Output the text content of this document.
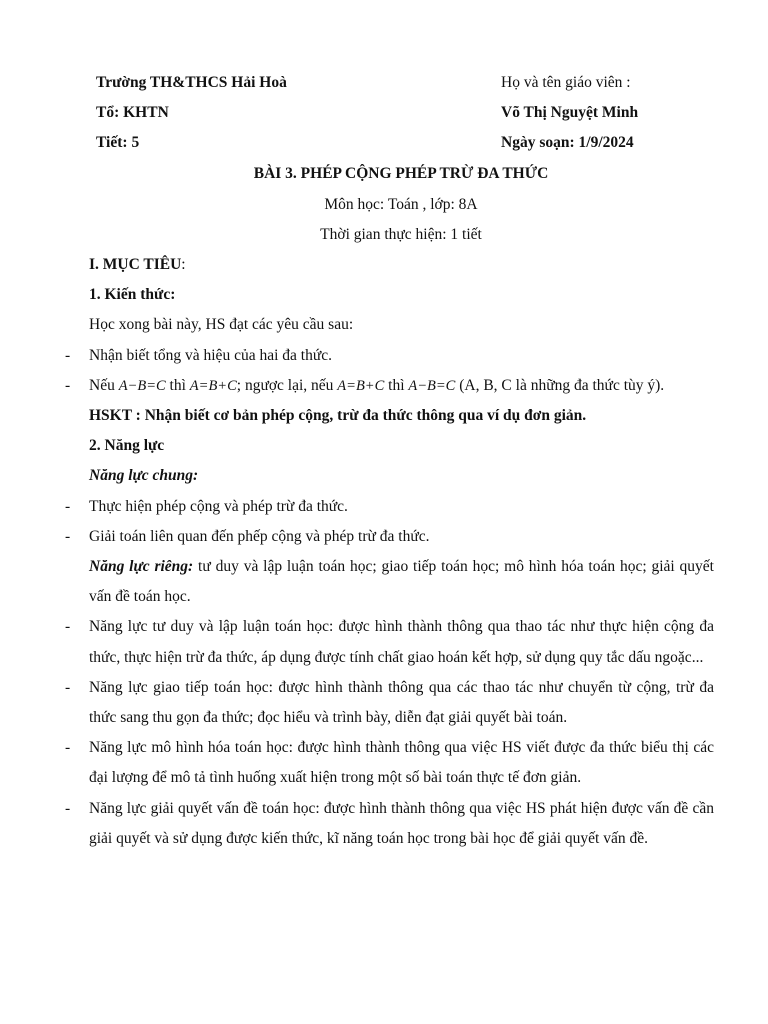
Trường TH&THCS Hải Hoà
Tổ: KHTN
Tiết: 5
Họ và tên giáo viên :
Võ Thị Nguyệt Minh
Ngày soạn: 1/9/2024
BÀI 3. PHÉP CỘNG PHÉP TRỪ ĐA THỨC
Môn học: Toán , lớp: 8A
Thời gian thực hiện: 1 tiết
I. MỤC TIÊU:
1. Kiến thức:
Học xong bài này, HS đạt các yêu cầu sau:
- Nhận biết tổng và hiệu của hai đa thức.
- Nếu A−B=C thì A=B+C; ngược lại, nếu A=B+C thì A−B=C (A, B, C là những đa thức tùy ý).
HSKT : Nhận biết cơ bản phép cộng, trừ đa thức thông qua ví dụ đơn giản.
2. Năng lực
Năng lực chung:
- Thực hiện phép cộng và phép trừ đa thức.
- Giải toán liên quan đến phếp cộng và phép trừ đa thức.
Năng lực riêng: tư duy và lập luận toán học; giao tiếp toán học; mô hình hóa toán học; giải quyết vấn đề toán học.
- Năng lực tư duy và lập luận toán học: được hình thành thông qua thao tác như thực hiện cộng đa thức, thực hiện trừ đa thức, áp dụng được tính chất giao hoán kết hợp, sử dụng quy tắc dấu ngoặc...
- Năng lực giao tiếp toán học: được hình thành thông qua các thao tác như chuyển từ cộng, trừ đa thức sang thu gọn đa thức; đọc hiểu và trình bày, diễn đạt giải quyết bài toán.
- Năng lực mô hình hóa toán học: được hình thành thông qua việc HS viết được đa thức biểu thị các đại lượng để mô tả tình huống xuất hiện trong một số bài toán thực tế đơn giản.
- Năng lực giải quyết vấn đề toán học: được hình thành thông qua việc HS phát hiện được vấn đề cần giải quyết và sử dụng được kiến thức, kĩ năng toán học trong bài học để giải quyết vấn đề.
